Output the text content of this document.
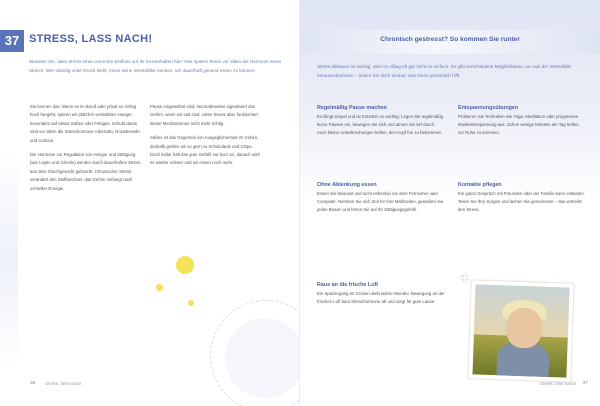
37 STRESS, LASS NACH!
Wussten Sie, dass Stress einen enormen Einfluss auf Ihr Essverhalten hat? Hier spielen Ihnen vor allem die Hormone einen Streich. Wer ständig unter Druck steht, muss seine Stresskiller kennen, um dauerhaft gesund essen zu können.

Sie kennen das: Wenn es im Beruf oder privat so richtig hoch hergeht, spüren wir plötzlich verstärkten Hunger, besonders auf etwas Süßes oder Fettiges. Schuld daran sind vor allem die Stresshormone Adrenalin, Noradrenalin und Cortisol.

Die Hormone zur Regulation von Hunger und Sättigung (wie Leptin und Ghrelin) werden durch dauerhaften Stress aus dem Gleichgewicht gebracht. Chronischer Stress verändert den Stoffwechsel, das Gehirn verlangt nach schneller Energie.

Pause eingewöhnt sind, Normalerweise signalisiert das Gehirn, wenn wir satt sind. Unter Stress aber funktioniert dieser Mechanismus nicht mehr richtig.

Süßes ist das Gegenteil von Ausgeglichenheit im Gehirn, deshalb greifen wir so gern zu Schokolade und Chips. Doch leider hält das gute Gefühl nur kurz an, danach wird es wieder schwer und wir essen noch mehr.

36 Stress, lass nach!
Chronisch gestresst? So kommen Sie runter
Stress abbauen ist wichtig, aber im Alltag oft gar nicht so einfach. Es gibt verschiedene Möglichkeiten, um aus der Stressfalle herauszukommen – testen Sie doch einmal, was Ihnen persönlich hilft.
Regelmäßig Pause machen

Es klingt simpel und ist trotzdem so wichtig: Legen Sie regelmäßig kurze Pausen ein, bewegen Sie sich und atmen Sie tief durch. Auch kleine Unterbrechungen helfen, den Kopf frei zu bekommen.

Ohne Ablenkung essen

Essen Sie bewusst und nicht nebenbei vor dem Fernseher oder Computer. Nehmen Sie sich Zeit für Ihre Mahlzeiten, genießen Sie jeden Bissen und hören Sie auf Ihr Sättigungsgefühl.

Raus an die frische Luft

Ein Spaziergang im Grünen wirkt wahre Wunder. Bewegung an der frischen Luft baut Stresshormone ab und sorgt für gute Laune.

Entspannungsübungen

Probieren Sie Techniken wie Yoga, Meditation oder progressive Muskelentspannung aus. Schon wenige Minuten am Tag helfen, zur Ruhe zu kommen.

Kontakte pflegen

Ein gutes Gespräch mit Freunden oder der Familie kann entlasten. Teilen Sie Ihre Sorgen und lachen Sie gemeinsam – das vertreibt den Stress.

+
Stress, lass nach! 37
